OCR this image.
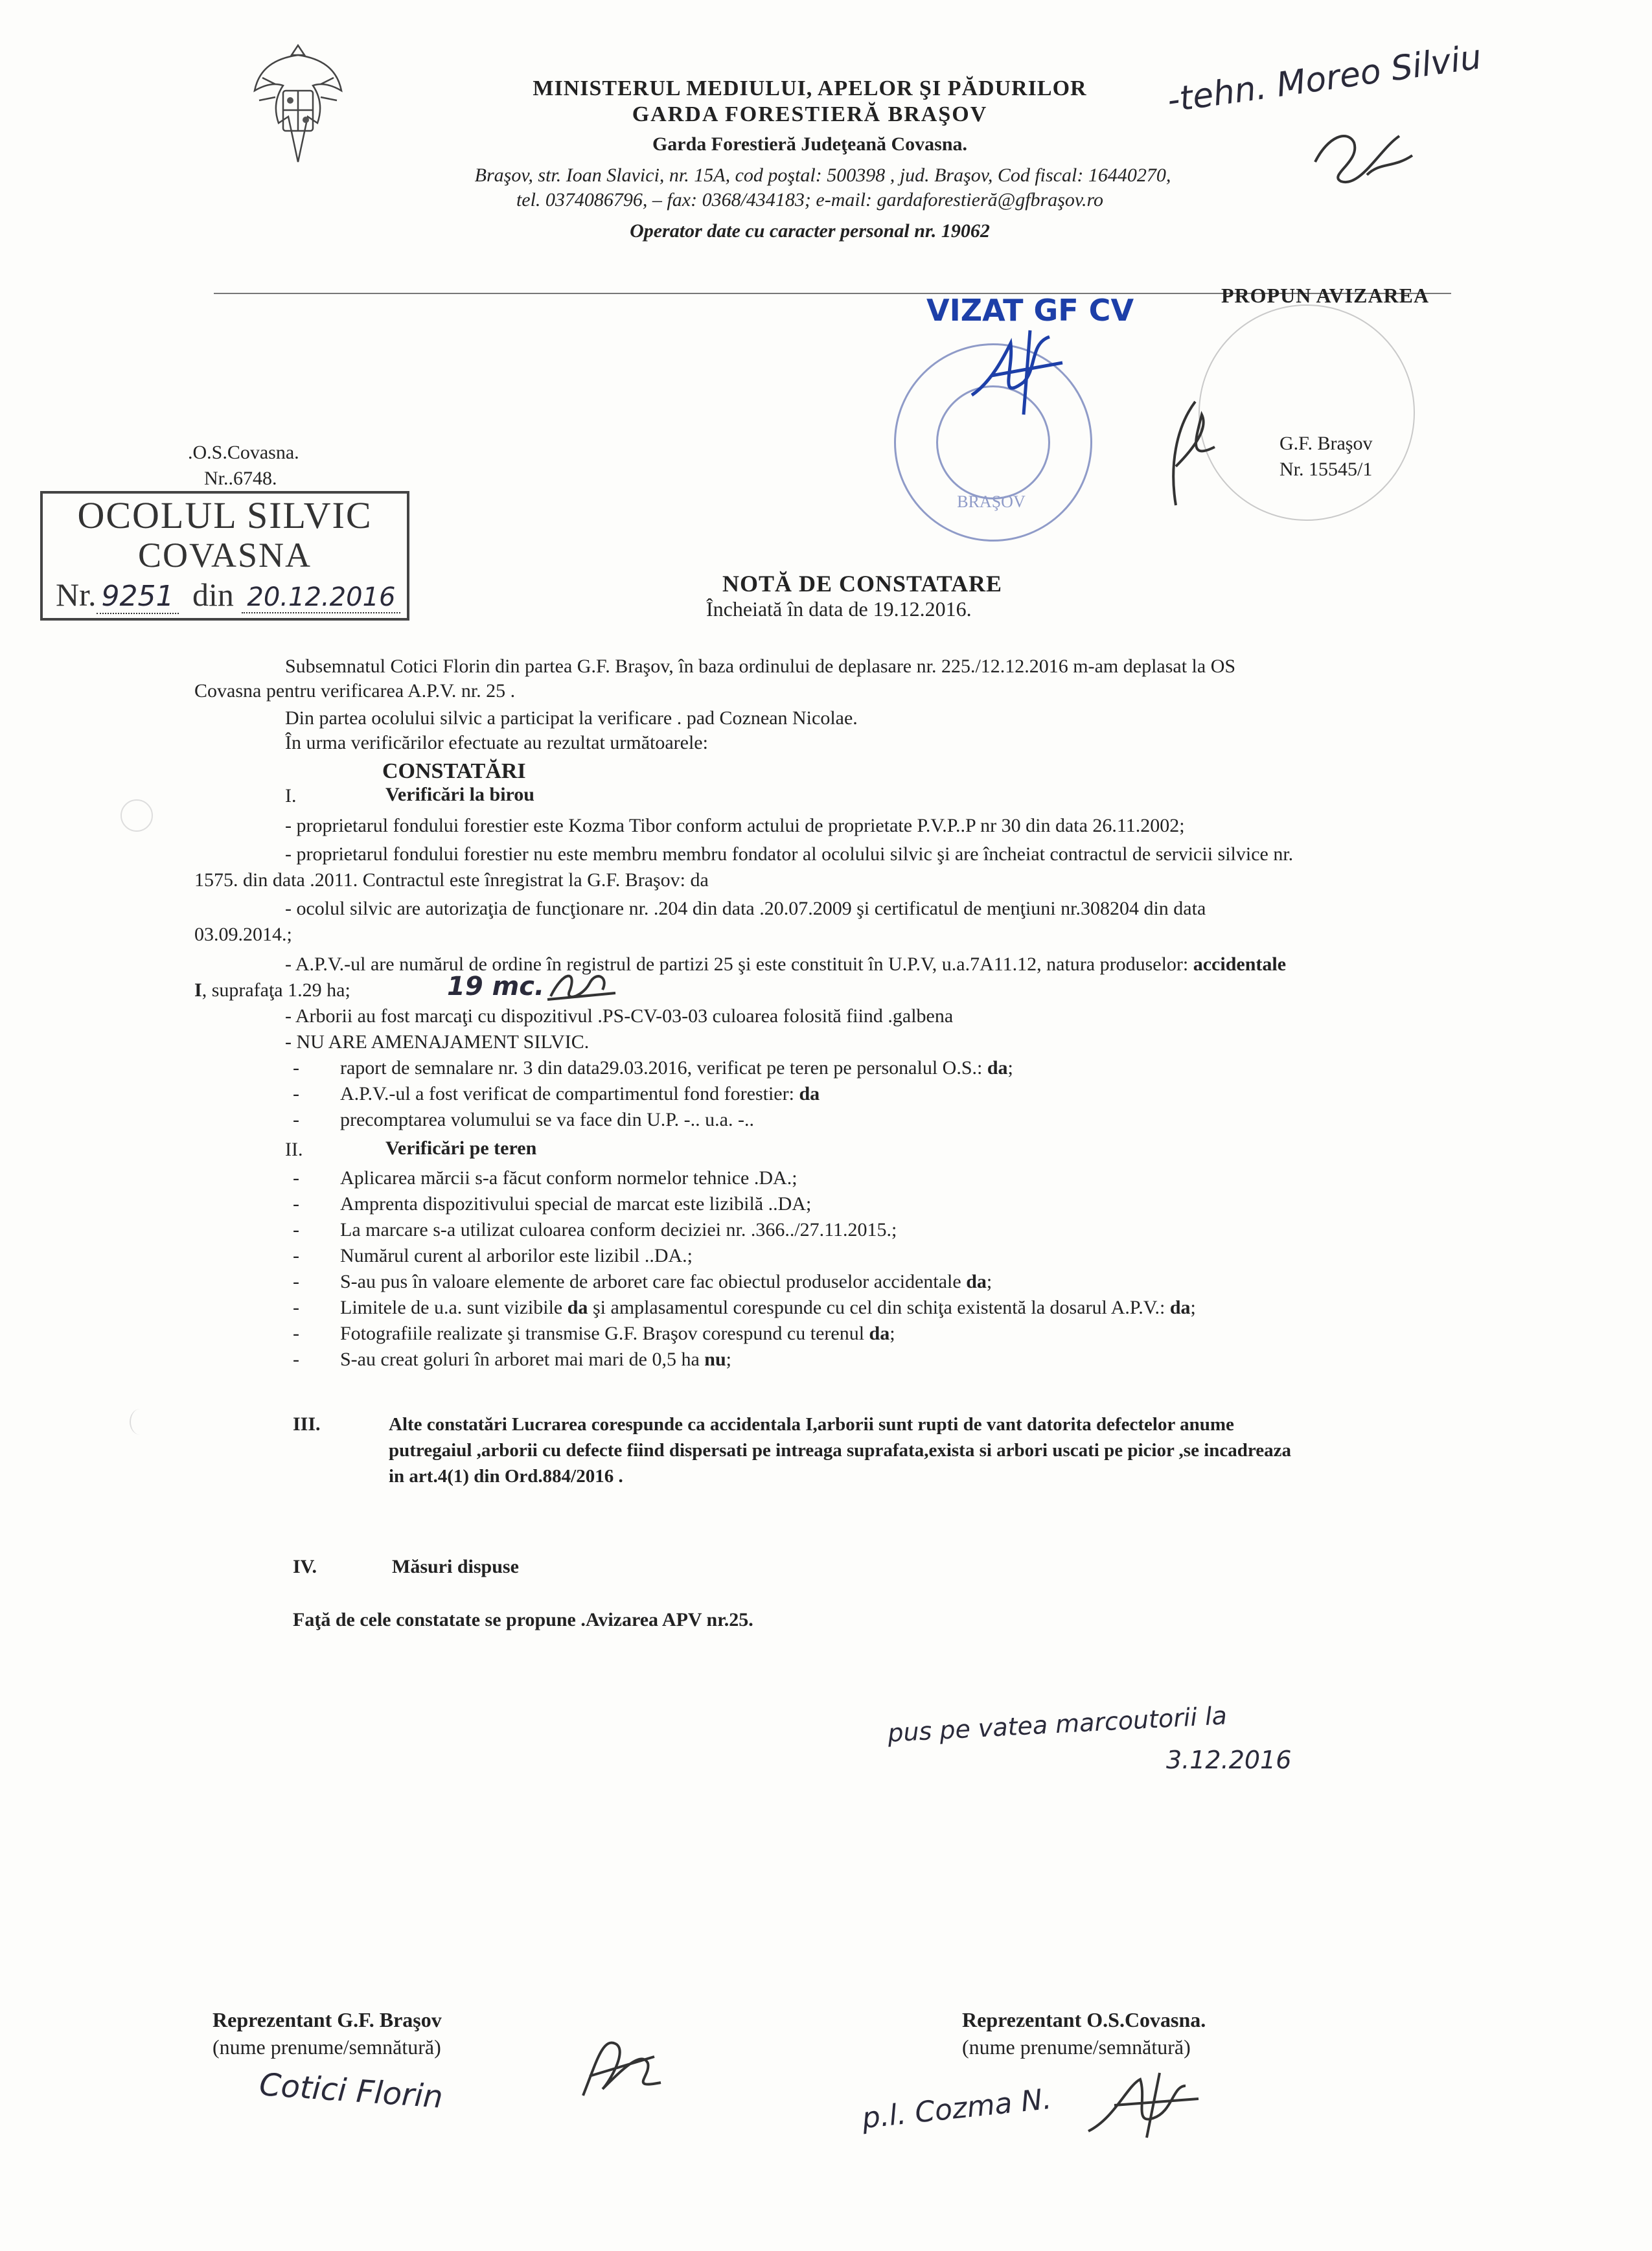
MINISTERUL MEDIULUI, APELOR ŞI PĂDURILOR
GARDA FORESTIERĂ BRAŞOV
Garda Forestieră Judeţeană Covasna.
Braşov, str. Ioan Slavici, nr. 15A, cod poştal: 500398 , jud. Braşov, Cod fiscal: 16440270,
tel. 0374086796, – fax: 0368/434183; e-mail: gardaforestieră@gfbraşov.ro
Operator date cu caracter personal nr. 19062
-tehn. Moreo Silviu
VIZAT GF CV
BRAŞOV
PROPUN AVIZAREA
G.F. Braşov
Nr. 15545/1
.O.S.Covasna.
Nr..6748.
OCOLUL SILVIC
COVASNA
Nr. 9251 din 20.12.2016	NOTĂ DE CONSTATARE
Încheiată în data de 19.12.2016.
Subsemnatul Cotici Florin din partea G.F. Braşov, în baza ordinului de deplasare nr. 225./12.12.2016 m-am deplasat la OS
Covasna pentru verificarea A.P.V. nr. 25 .
Din partea ocolului silvic a participat la verificare . pad Coznean Nicolae.
În urma verificărilor efectuate au rezultat următoarele:
CONSTATĂRI
I.	Verificări la birou
- proprietarul fondului forestier este Kozma Tibor conform actului de proprietate P.V.P..P nr 30 din data 26.11.2002;
- proprietarul fondului forestier nu este membru membru fondator al ocolului silvic şi are încheiat contractul de servicii silvice nr.
1575. din data .2011. Contractul este înregistrat la G.F. Braşov: da
- ocolul silvic are autorizaţia de funcţionare nr. .204 din data .20.07.2009 şi certificatul de menţiuni nr.308204 din data
03.09.2014.;
- A.P.V.-ul are numărul de ordine în registrul de partizi 25 şi este constituit în U.P.V, u.a.7A11.12, natura produselor: accidentale
I, suprafaţa 1.29 ha;	19 mc.
- Arborii au fost marcaţi cu dispozitivul .PS-CV-03-03 culoarea folosită fiind .galbena
- NU ARE AMENAJAMENT SILVIC.
- raport de semnalare nr. 3 din data29.03.2016, verificat pe teren pe personalul O.S.: da;
- A.P.V.-ul a fost verificat de compartimentul fond forestier: da
- precomptarea volumului se va face din U.P. -.. u.a. -..
II.	Verificări pe teren
- Aplicarea mărcii s-a făcut conform normelor tehnice .DA.;
- Amprenta dispozitivului special de marcat este lizibilă ..DA;
- La marcare s-a utilizat culoarea conform deciziei nr. .366../27.11.2015.;
- Numărul curent al arborilor este lizibil ..DA.;
- S-au pus în valoare elemente de arboret care fac obiectul produselor accidentale da;
- Limitele de u.a. sunt vizibile da şi amplasamentul corespunde cu cel din schiţa existentă la dosarul A.P.V.: da;
- Fotografiile realizate şi transmise G.F. Braşov corespund cu terenul da;
- S-au creat goluri în arboret mai mari de 0,5 ha nu;
III.	Alte constatări Lucrarea corespunde ca accidentala I,arborii sunt rupti de vant datorita defectelor anume
putregaiul ,arborii cu defecte fiind dispersati pe intreaga suprafata,exista si arbori uscati pe picior ,se incadreaza
in art.4(1) din Ord.884/2016 .
IV.	Măsuri dispuse
Faţă de cele constatate se propune .Avizarea APV nr.25.
pus pe vatea marcoutorii la
3.12.2016
Reprezentant G.F. Braşov
(nume prenume/semnătură)
Cotici Florin
Reprezentant O.S.Covasna.
(nume prenume/semnătură)
p.l. Cozma N.
